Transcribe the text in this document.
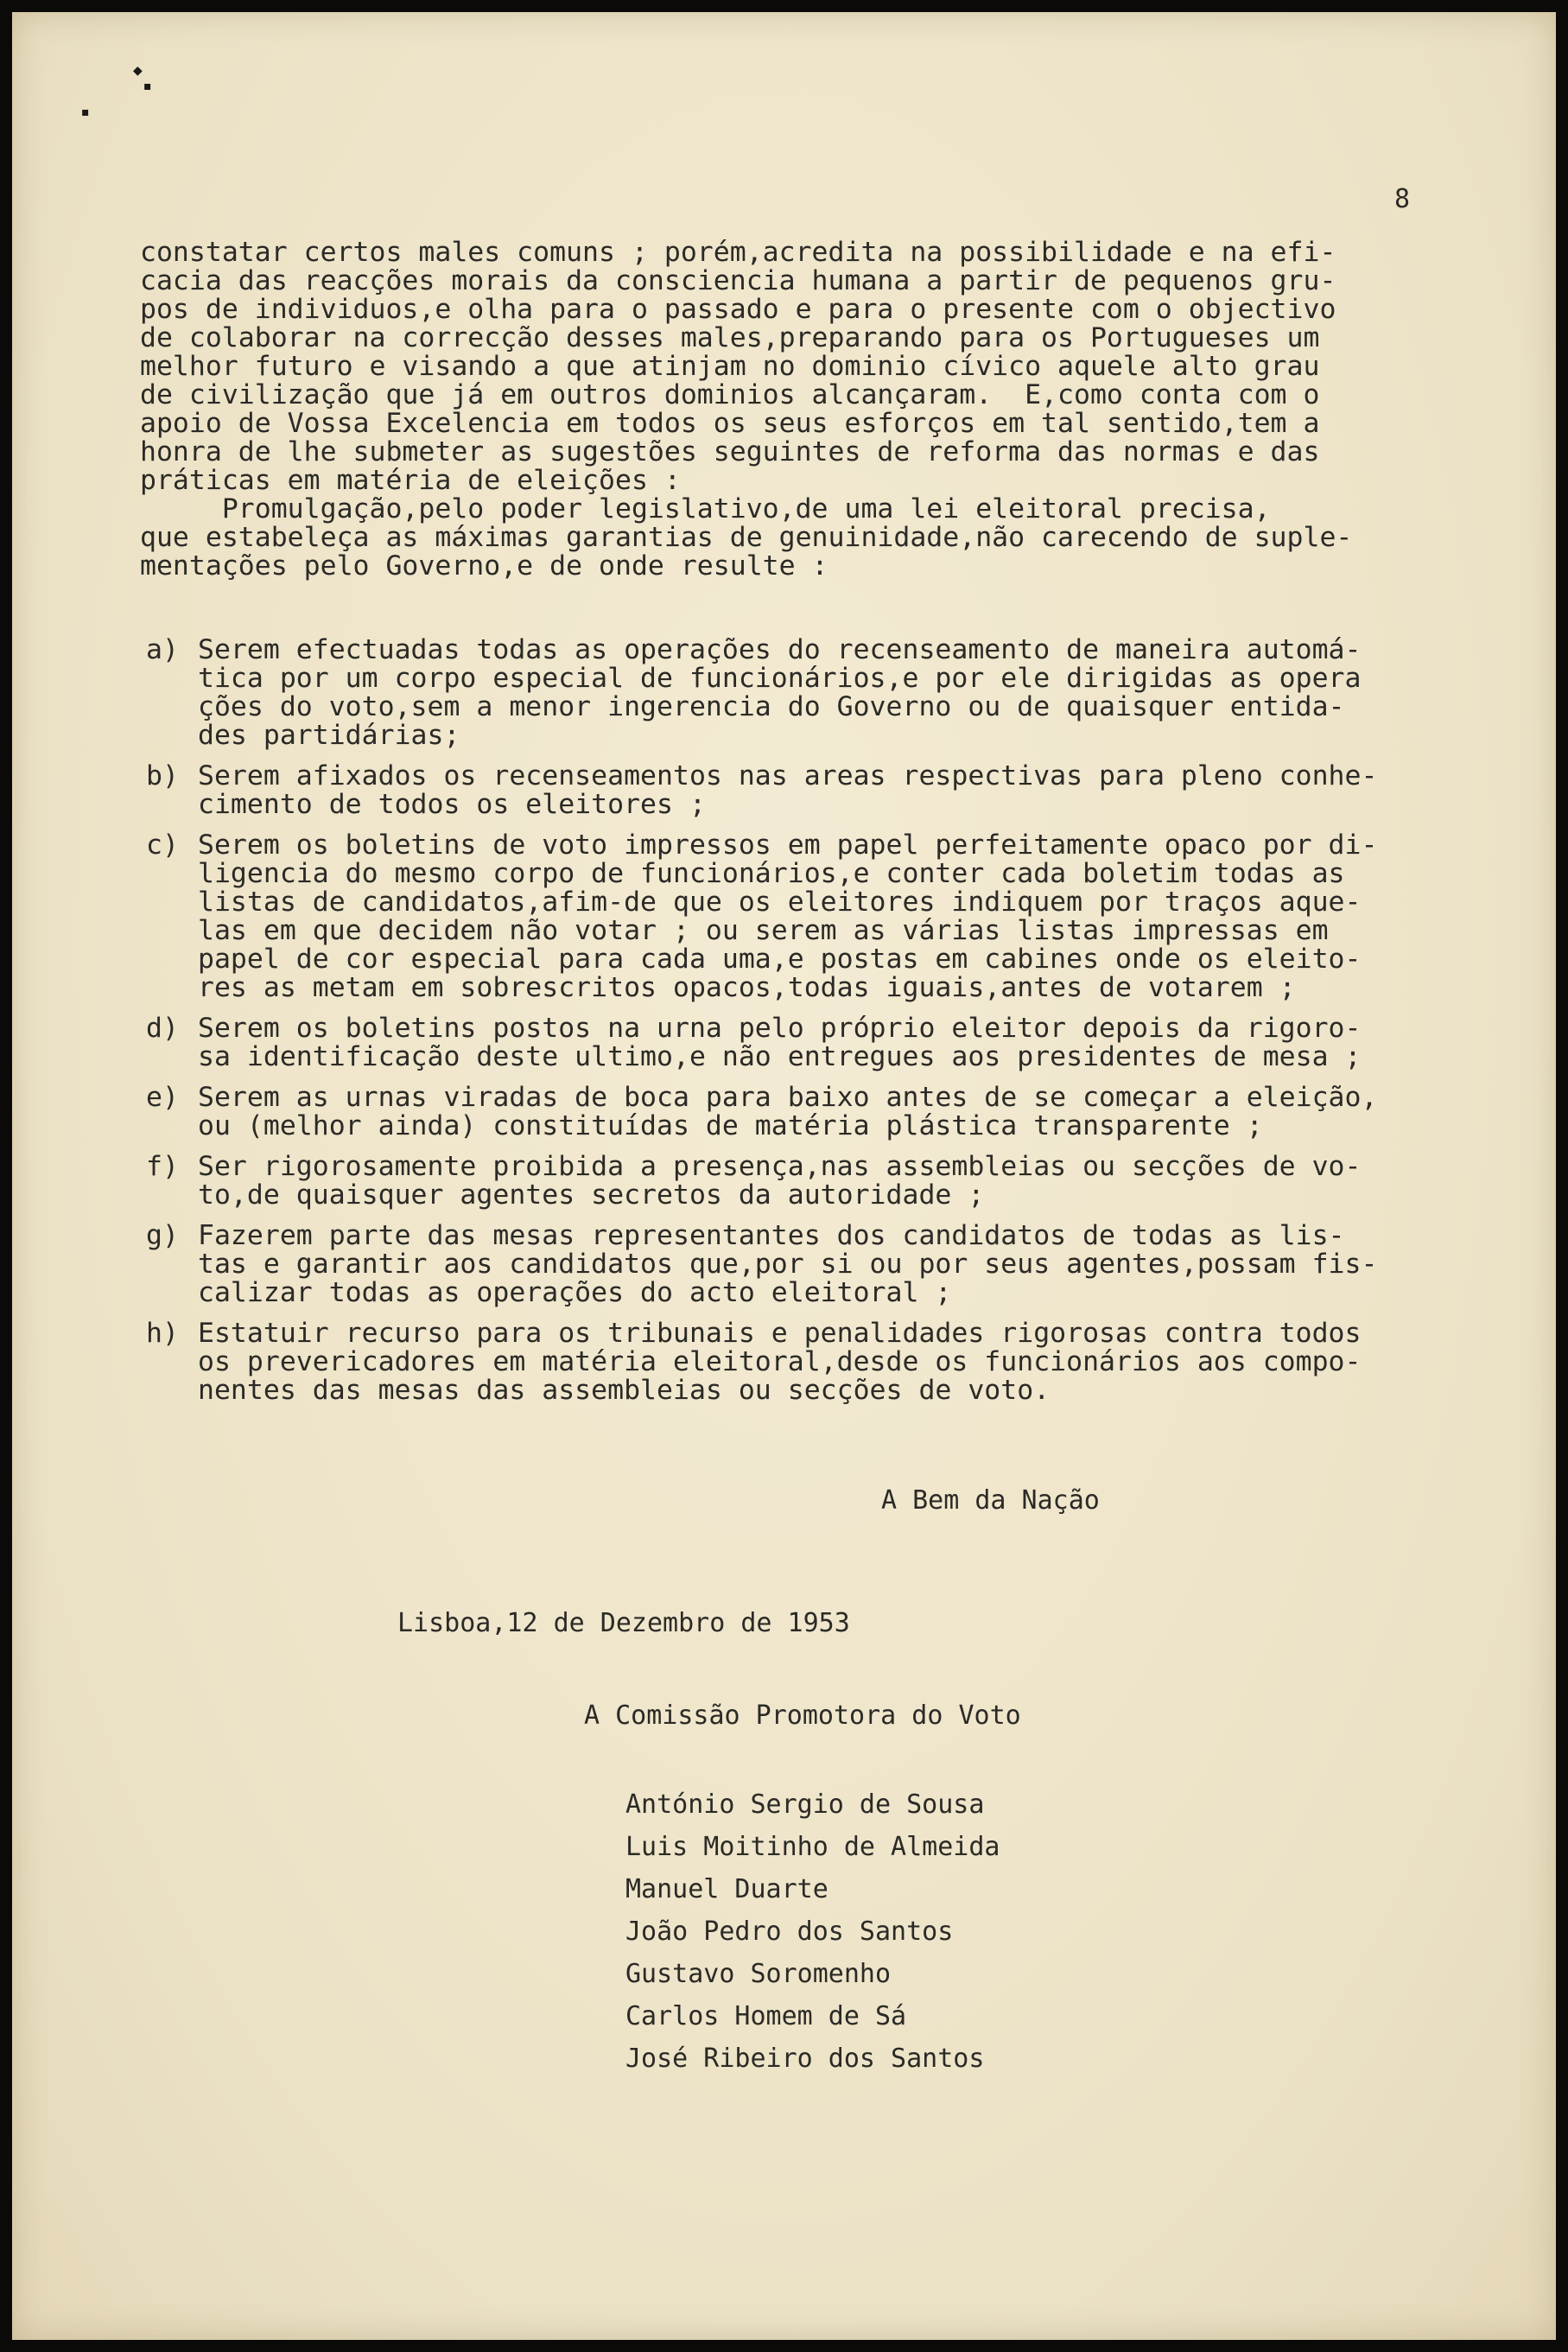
◆
▪
▪
8
constatar certos males comuns ; porém,acredita na possibilidade e na efi-
cacia das reacções morais da consciencia humana a partir de pequenos gru-
pos de individuos,e olha para o passado e para o presente com o objectivo
de colaborar na correcção desses males,preparando para os Portugueses um
melhor futuro e visando a que atinjam no dominio cívico aquele alto grau
de civilização que já em outros dominios alcançaram.  E,como conta com o
apoio de Vossa Excelencia em todos os seus esforços em tal sentido,tem a
honra de lhe submeter as sugestões seguintes de reforma das normas e das
práticas em matéria de eleições :
Promulgação,pelo poder legislativo,de uma lei eleitoral precisa,
que estabeleça as máximas garantias de genuinidade,não carecendo de suple-
mentações pelo Governo,e de onde resulte :
a) Serem efectuadas todas as operações do recenseamento de maneira automá-
tica por um corpo especial de funcionários,e por ele dirigidas as opera
ções do voto,sem a menor ingerencia do Governo ou de quaisquer entida-
des partidárias;
b) Serem afixados os recenseamentos nas areas respectivas para pleno conhe-
cimento de todos os eleitores ;
c) Serem os boletins de voto impressos em papel perfeitamente opaco por di-
ligencia do mesmo corpo de funcionários,e conter cada boletim todas as
listas de candidatos,afim-de que os eleitores indiquem por traços aque-
las em que decidem não votar ; ou serem as várias listas impressas em
papel de cor especial para cada uma,e postas em cabines onde os eleito-
res as metam em sobrescritos opacos,todas iguais,antes de votarem ;
d) Serem os boletins postos na urna pelo próprio eleitor depois da rigoro-
sa identificação deste ultimo,e não entregues aos presidentes de mesa ;
e) Serem as urnas viradas de boca para baixo antes de se começar a eleição,
ou (melhor ainda) constituídas de matéria plástica transparente ;
f) Ser rigorosamente proibida a presença,nas assembleias ou secções de vo-
to,de quaisquer agentes secretos da autoridade ;
g) Fazerem parte das mesas representantes dos candidatos de todas as lis-
tas e garantir aos candidatos que,por si ou por seus agentes,possam fis-
calizar todas as operações do acto eleitoral ;
h) Estatuir recurso para os tribunais e penalidades rigorosas contra todos
os prevericadores em matéria eleitoral,desde os funcionários aos compo-
nentes das mesas das assembleias ou secções de voto.
A Bem da Nação
Lisboa,12 de Dezembro de 1953
A Comissão Promotora do Voto
António Sergio de Sousa
Luis Moitinho de Almeida
Manuel Duarte
João Pedro dos Santos
Gustavo Soromenho
Carlos Homem de Sá
José Ribeiro dos Santos
